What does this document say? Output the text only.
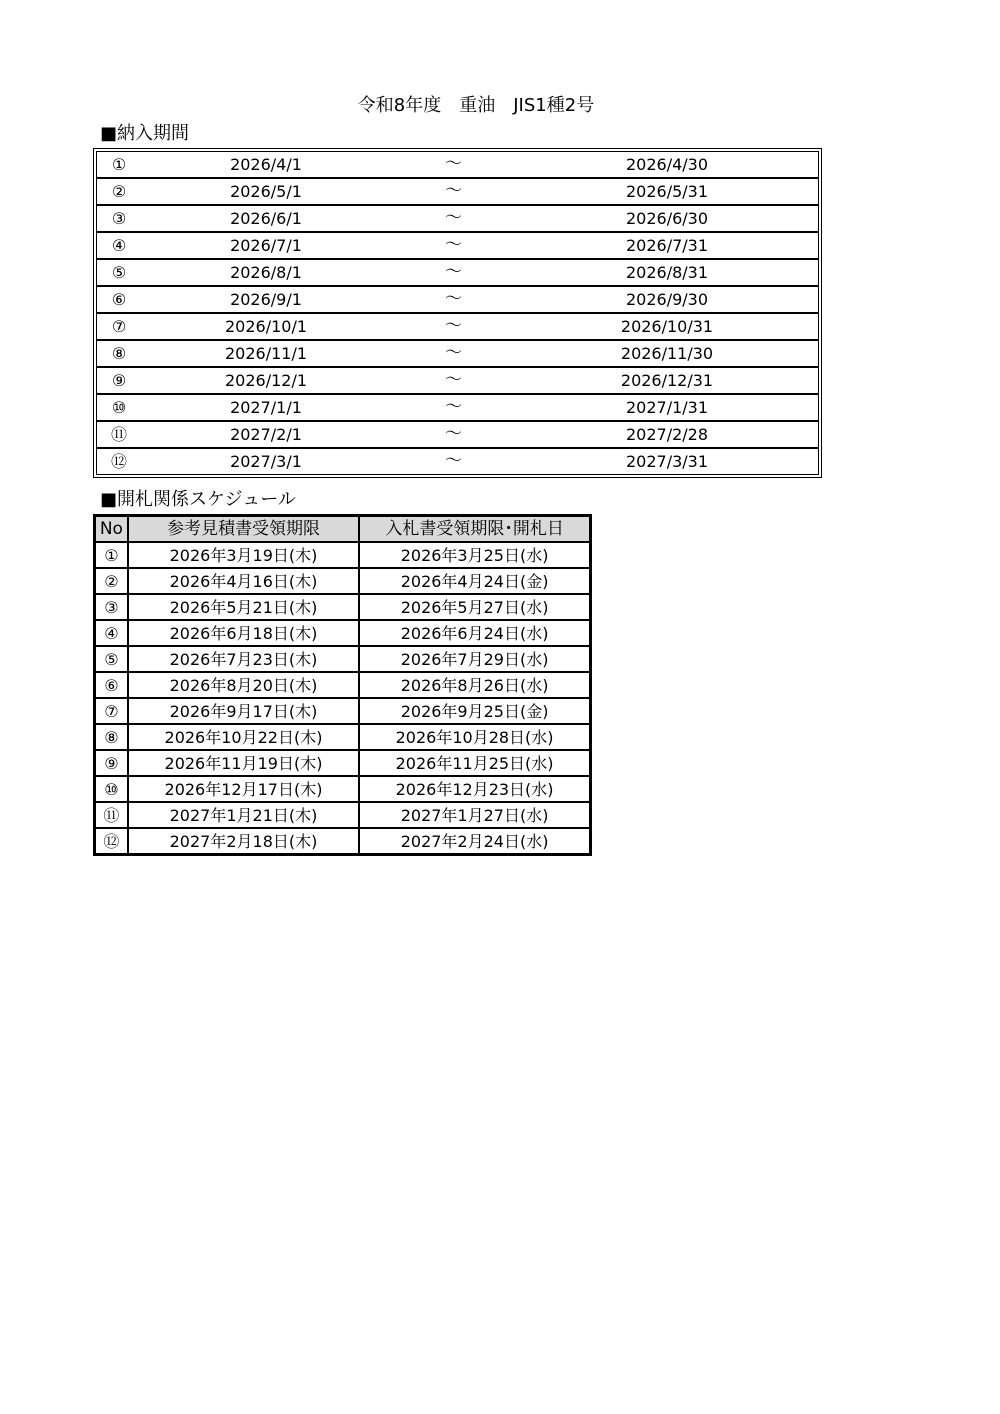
令和8年度　重油　JIS1種2号
■納入期間
①	2026/4/1	～	2026/4/30
②	2026/5/1	～	2026/5/31
③	2026/6/1	～	2026/6/30
④	2026/7/1	～	2026/7/31
⑤	2026/8/1	～	2026/8/31
⑥	2026/9/1	～	2026/9/30
⑦	2026/10/1	～	2026/10/31
⑧	2026/11/1	～	2026/11/30
⑨	2026/12/1	～	2026/12/31
⑩	2027/1/1	～	2027/1/31
⑪	2027/2/1	～	2027/2/28
⑫	2027/3/1	～	2027/3/31
■開札関係スケジュール
No	参考見積書受領期限	入札書受領期限･開札日
①	2026年3月19日(木)	2026年3月25日(水)
②	2026年4月16日(木)	2026年4月24日(金)
③	2026年5月21日(木)	2026年5月27日(水)
④	2026年6月18日(木)	2026年6月24日(水)
⑤	2026年7月23日(木)	2026年7月29日(水)
⑥	2026年8月20日(木)	2026年8月26日(水)
⑦	2026年9月17日(木)	2026年9月25日(金)
⑧	2026年10月22日(木)	2026年10月28日(水)
⑨	2026年11月19日(木)	2026年11月25日(水)
⑩	2026年12月17日(木)	2026年12月23日(水)
⑪	2027年1月21日(木)	2027年1月27日(水)
⑫	2027年2月18日(木)	2027年2月24日(水)
